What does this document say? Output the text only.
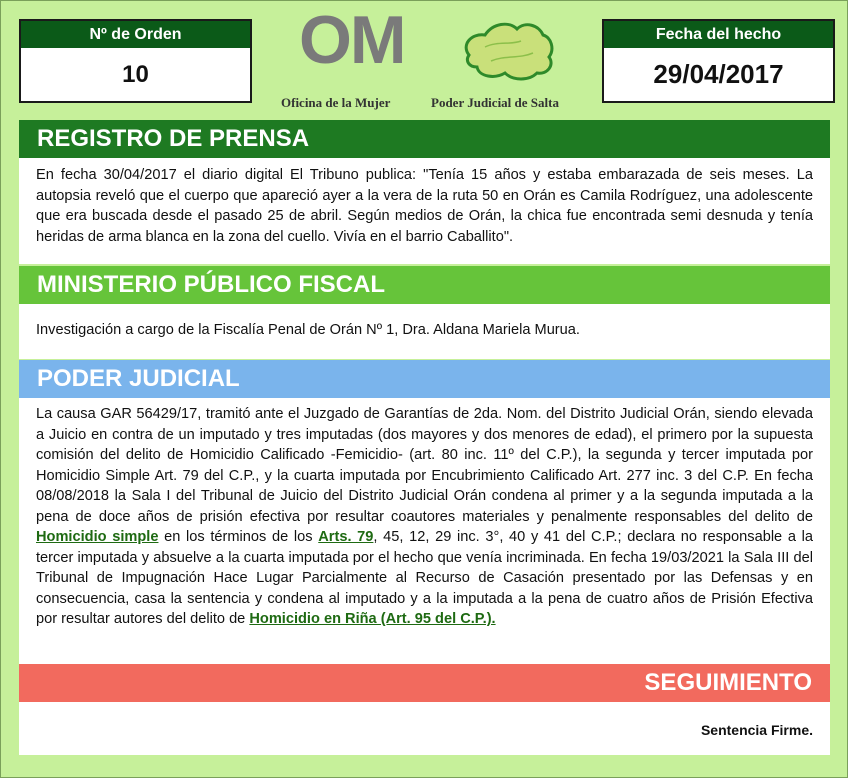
Nº de Orden
10	OM
Oficina de la Mujer	Poder Judicial de Salta
Fecha del hecho
29/04/2017
REGISTRO DE PRENSA
En fecha 30/04/2017 el diario digital El Tribuno publica: "Tenía 15 años y estaba embarazada de seis meses. La autopsia reveló que el cuerpo que apareció ayer a la vera de la ruta 50 en Orán es Camila Rodríguez, una adolescente que era buscada desde el pasado 25 de abril. Según medios de Orán, la chica fue encontrada semi desnuda y tenía heridas de arma blanca en la zona del cuello. Vivía en el barrio Caballito".
MINISTERIO PÚBLICO FISCAL
Investigación a cargo de la Fiscalía Penal de Orán Nº 1, Dra. Aldana Mariela Murua.
PODER JUDICIAL
La causa GAR 56429/17, tramitó ante el Juzgado de Garantías de 2da. Nom. del Distrito Judicial Orán, siendo elevada a Juicio en contra de un imputado y tres imputadas (dos mayores y dos menores de edad), el primero por la supuesta comisión del delito de Homicidio Calificado -Femicidio- (art. 80 inc. 11º del C.P.), la segunda y tercer imputada por Homicidio Simple Art. 79 del C.P., y la cuarta imputada por Encubrimiento Calificado Art. 277 inc. 3 del C.P. En fecha 08/08/2018 la Sala I del Tribunal de Juicio del Distrito Judicial Orán condena al primer y a la segunda imputada a la pena de doce años de prisión efectiva por resultar coautores materiales y penalmente responsables del delito de Homicidio simple en los términos de los Arts. 79, 45, 12, 29 inc. 3°, 40 y 41 del C.P.; declara no responsable a la tercer imputada y absuelve a la cuarta imputada por el hecho que venía incriminada. En fecha 19/03/2021 la Sala III del Tribunal de Impugnación Hace Lugar Parcialmente al Recurso de Casación presentado por las Defensas y en consecuencia, casa la sentencia y condena al imputado y a la imputada a la pena de cuatro años de Prisión Efectiva por resultar autores del delito de Homicidio en Riña (Art. 95 del C.P.).
SEGUIMIENTO
Sentencia Firme.
